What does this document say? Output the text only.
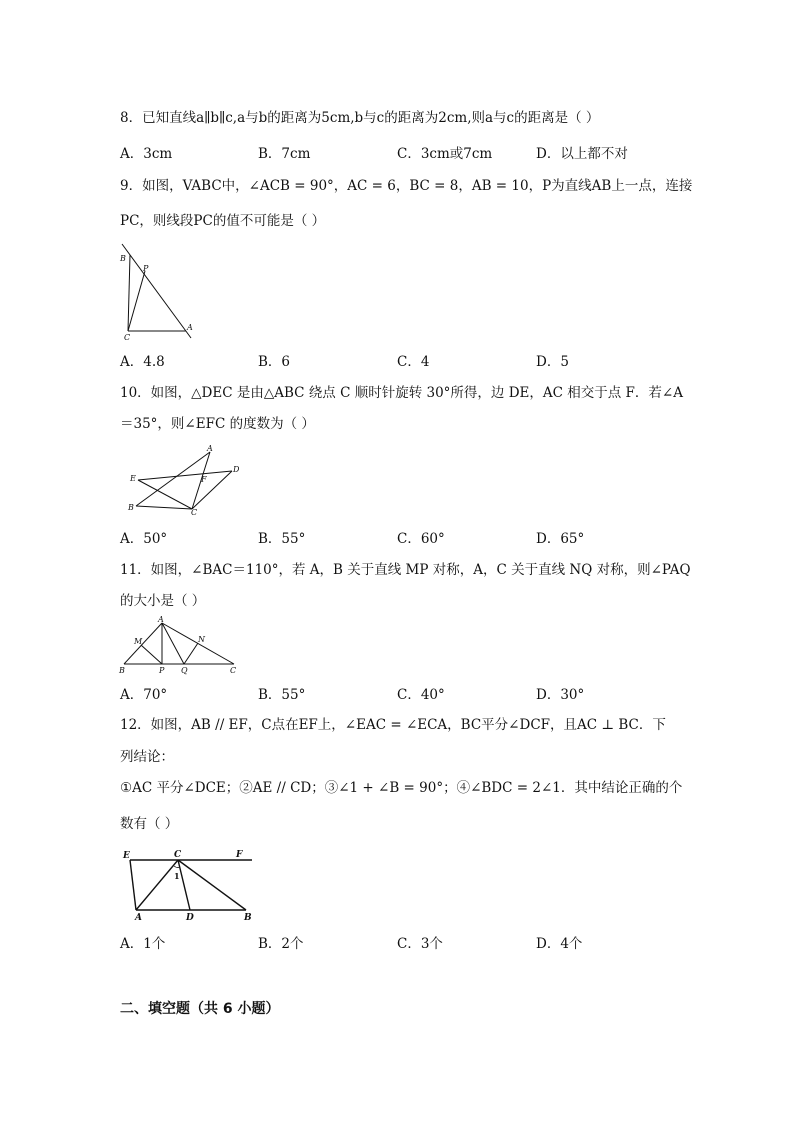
8．已知直线a∥b∥c,a与b的距离为5cm,b与c的距离为2cm,则a与c的距离是（ ）
A．3cm	B．7cm	C．3cm或7cm	D．以上都不对
9．如图，VABC中，∠ACB = 90°，AC = 6，BC = 8，AB = 10，P为直线AB上一点，连接
PC，则线段PC的值不可能是（ ）
B
P
C
A
A．4.8	B．6	C．4	D．5
10．如图，△DEC 是由△ABC 绕点 C 顺时针旋转 30°所得，边 DE，AC 相交于点 F．若∠A
＝35°，则∠EFC 的度数为（ ）
A
D
E	F
B
C
A．50°	B．55°	C．60°	D．65°
11．如图，∠BAC＝110°，若 A，B 关于直线 MP 对称，A，C 关于直线 NQ 对称，则∠PAQ
的大小是（ ）
A
M	N
B	P Q	C
A．70°	B．55°	C．40°	D．30°
12．如图，AB // EF，C点在EF上，∠EAC = ∠ECA，BC平分∠DCF，且AC ⊥ BC．下
列结论：
①AC 平分∠DCE；②AE // CD；③∠1 + ∠B = 90°；④∠BDC = 2∠1．其中结论正确的个
数有（ ）
E	C	F
1
A	D	B
A．1个	B．2个	C．3个	D．4个
二、填空题（共 6 小题）
